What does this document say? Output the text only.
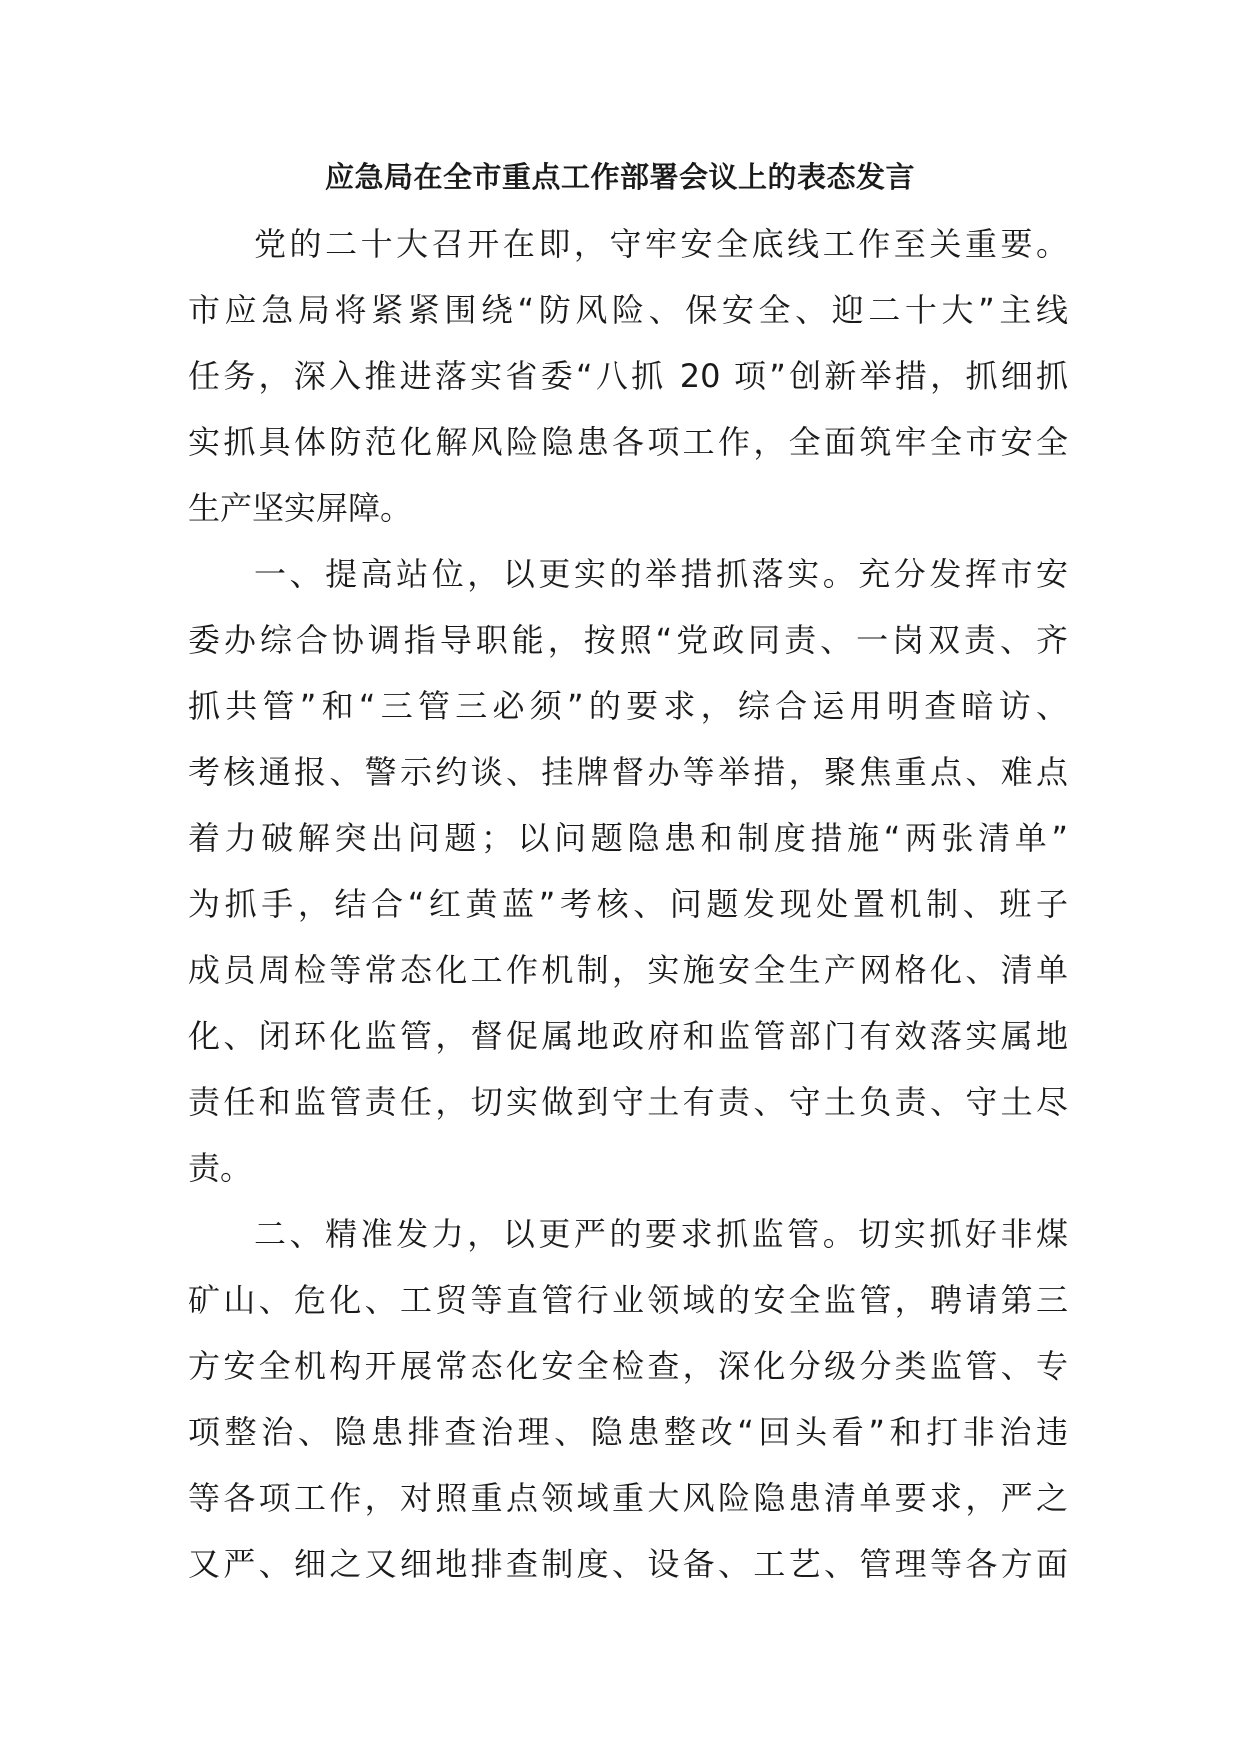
应急局在全市重点工作部署会议上的表态发言
党的二十大召开在即，守牢安全底线工作至关重要。
市应急局将紧紧围绕“防风险、保安全、迎二十大”主线
任务，深入推进落实省委“八抓 20 项”创新举措，抓细抓
实抓具体防范化解风险隐患各项工作，全面筑牢全市安全
生产坚实屏障。
一、提高站位，以更实的举措抓落实。充分发挥市安
委办综合协调指导职能，按照“党政同责、一岗双责、齐
抓共管”和“三管三必须”的要求，综合运用明查暗访、
考核通报、警示约谈、挂牌督办等举措，聚焦重点、难点
着力破解突出问题；以问题隐患和制度措施“两张清单”
为抓手，结合“红黄蓝”考核、问题发现处置机制、班子
成员周检等常态化工作机制，实施安全生产网格化、清单
化、闭环化监管，督促属地政府和监管部门有效落实属地
责任和监管责任，切实做到守土有责、守土负责、守土尽
责。
二、精准发力，以更严的要求抓监管。切实抓好非煤
矿山、危化、工贸等直管行业领域的安全监管，聘请第三
方安全机构开展常态化安全检查，深化分级分类监管、专
项整治、隐患排查治理、隐患整改“回头看”和打非治违
等各项工作，对照重点领域重大风险隐患清单要求，严之
又严、细之又细地排查制度、设备、工艺、管理等各方面
